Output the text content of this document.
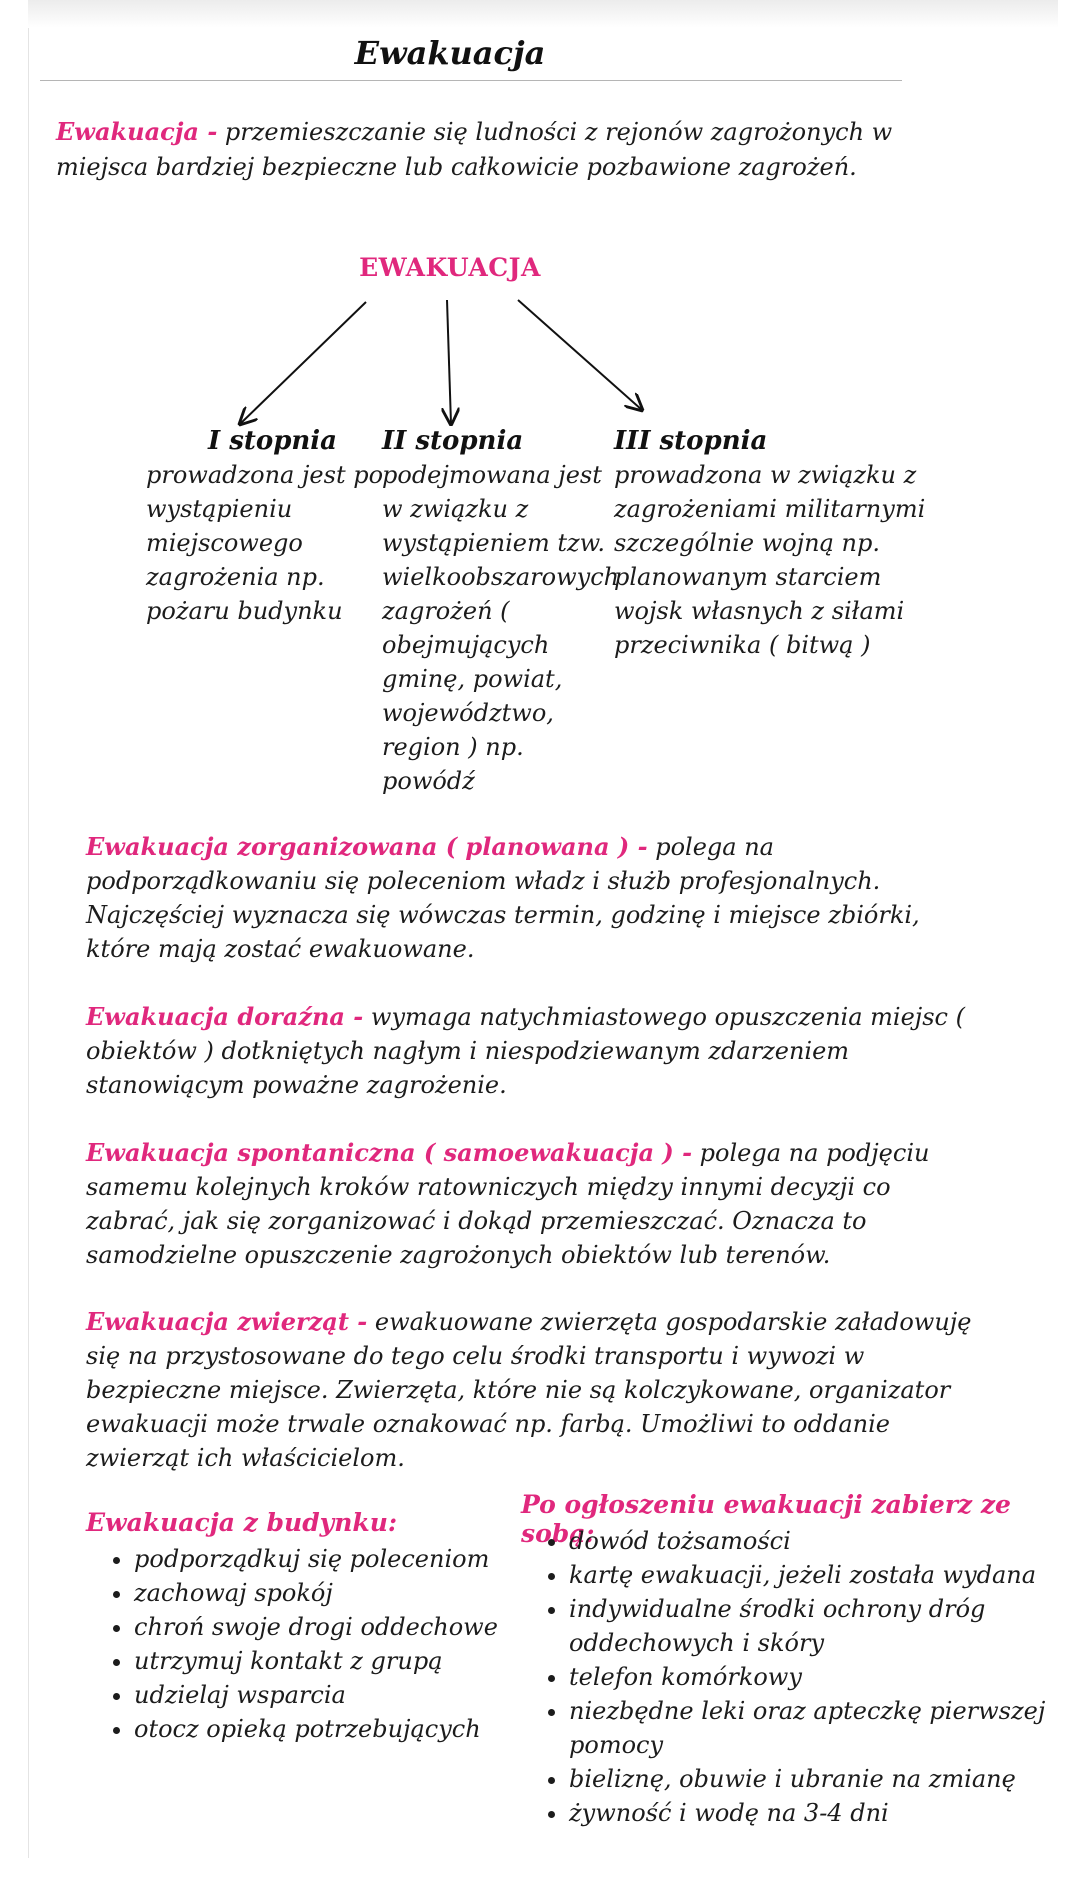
Ewakuacja
Ewakuacja - przemieszczanie się ludności z rejonów zagrożonych w miejsca bardziej bezpieczne lub całkowicie pozbawione zagrożeń.
EWAKUACJA
I stopnia
prowadzona jest po wystąpieniu miejscowego zagrożenia np. pożaru budynku
II stopnia
podejmowana jest w związku z wystąpieniem tzw. wielkoobszarowych zagrożeń ( obejmujących gminę, powiat, województwo, region ) np. powódź
III stopnia
prowadzona w związku z zagrożeniami militarnymi szczególnie wojną np. planowanym starciem wojsk własnych z siłami przeciwnika ( bitwą )
Ewakuacja zorganizowana ( planowana ) - polega na podporządkowaniu się poleceniom władz i służb profesjonalnych. Najczęściej wyznacza się wówczas termin, godzinę i miejsce zbiórki, które mają zostać ewakuowane.
Ewakuacja doraźna - wymaga natychmiastowego opuszczenia miejsc ( obiektów ) dotkniętych nagłym i niespodziewanym zdarzeniem stanowiącym poważne zagrożenie.
Ewakuacja spontaniczna ( samoewakuacja ) - polega na podjęciu samemu kolejnych kroków ratowniczych między innymi decyzji co zabrać, jak się zorganizować i dokąd przemieszczać. Oznacza to samodzielne opuszczenie zagrożonych obiektów lub terenów.
Ewakuacja zwierząt - ewakuowane zwierzęta gospodarskie załadowuję się na przystosowane do tego celu środki transportu i wywozi w bezpieczne miejsce. Zwierzęta, które nie są kolczykowane, organizator ewakuacji może trwale oznakować np. farbą. Umożliwi to oddanie zwierząt ich właścicielom.
Ewakuacja z budynku:
• podporządkuj się poleceniom
• zachowaj spokój
• chroń swoje drogi oddechowe
• utrzymuj kontakt z grupą
• udzielaj wsparcia
• otocz opieką potrzebujących
Po ogłoszeniu ewakuacji zabierz ze sobą:
• dowód tożsamości
• kartę ewakuacji, jeżeli została wydana
• indywidualne środki ochrony dróg oddechowych i skóry
• telefon komórkowy
• niezbędne leki oraz apteczkę pierwszej pomocy
• bieliznę, obuwie i ubranie na zmianę
• żywność i wodę na 3-4 dni
